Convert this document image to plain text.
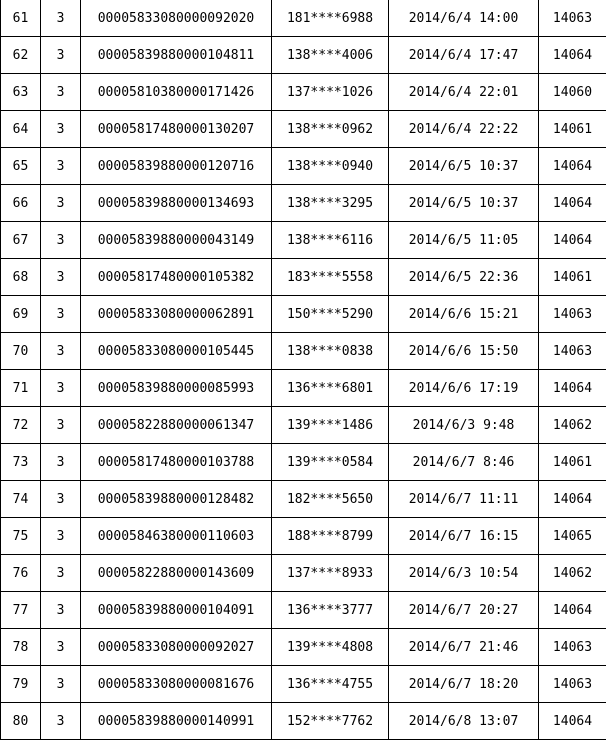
61	3	00005833080000092020	181****6988	2014/6/4 14:00	14063
62	3	00005839880000104811	138****4006	2014/6/4 17:47	14064
63	3	00005810380000171426	137****1026	2014/6/4 22:01	14060
64	3	00005817480000130207	138****0962	2014/6/4 22:22	14061
65	3	00005839880000120716	138****0940	2014/6/5 10:37	14064
66	3	00005839880000134693	138****3295	2014/6/5 10:37	14064
67	3	00005839880000043149	138****6116	2014/6/5 11:05	14064
68	3	00005817480000105382	183****5558	2014/6/5 22:36	14061
69	3	00005833080000062891	150****5290	2014/6/6 15:21	14063
70	3	00005833080000105445	138****0838	2014/6/6 15:50	14063
71	3	00005839880000085993	136****6801	2014/6/6 17:19	14064
72	3	00005822880000061347	139****1486	2014/6/3 9:48	14062
73	3	00005817480000103788	139****0584	2014/6/7 8:46	14061
74	3	00005839880000128482	182****5650	2014/6/7 11:11	14064
75	3	00005846380000110603	188****8799	2014/6/7 16:15	14065
76	3	00005822880000143609	137****8933	2014/6/3 10:54	14062
77	3	00005839880000104091	136****3777	2014/6/7 20:27	14064
78	3	00005833080000092027	139****4808	2014/6/7 21:46	14063
79	3	00005833080000081676	136****4755	2014/6/7 18:20	14063
80	3	00005839880000140991	152****7762	2014/6/8 13:07	14064
